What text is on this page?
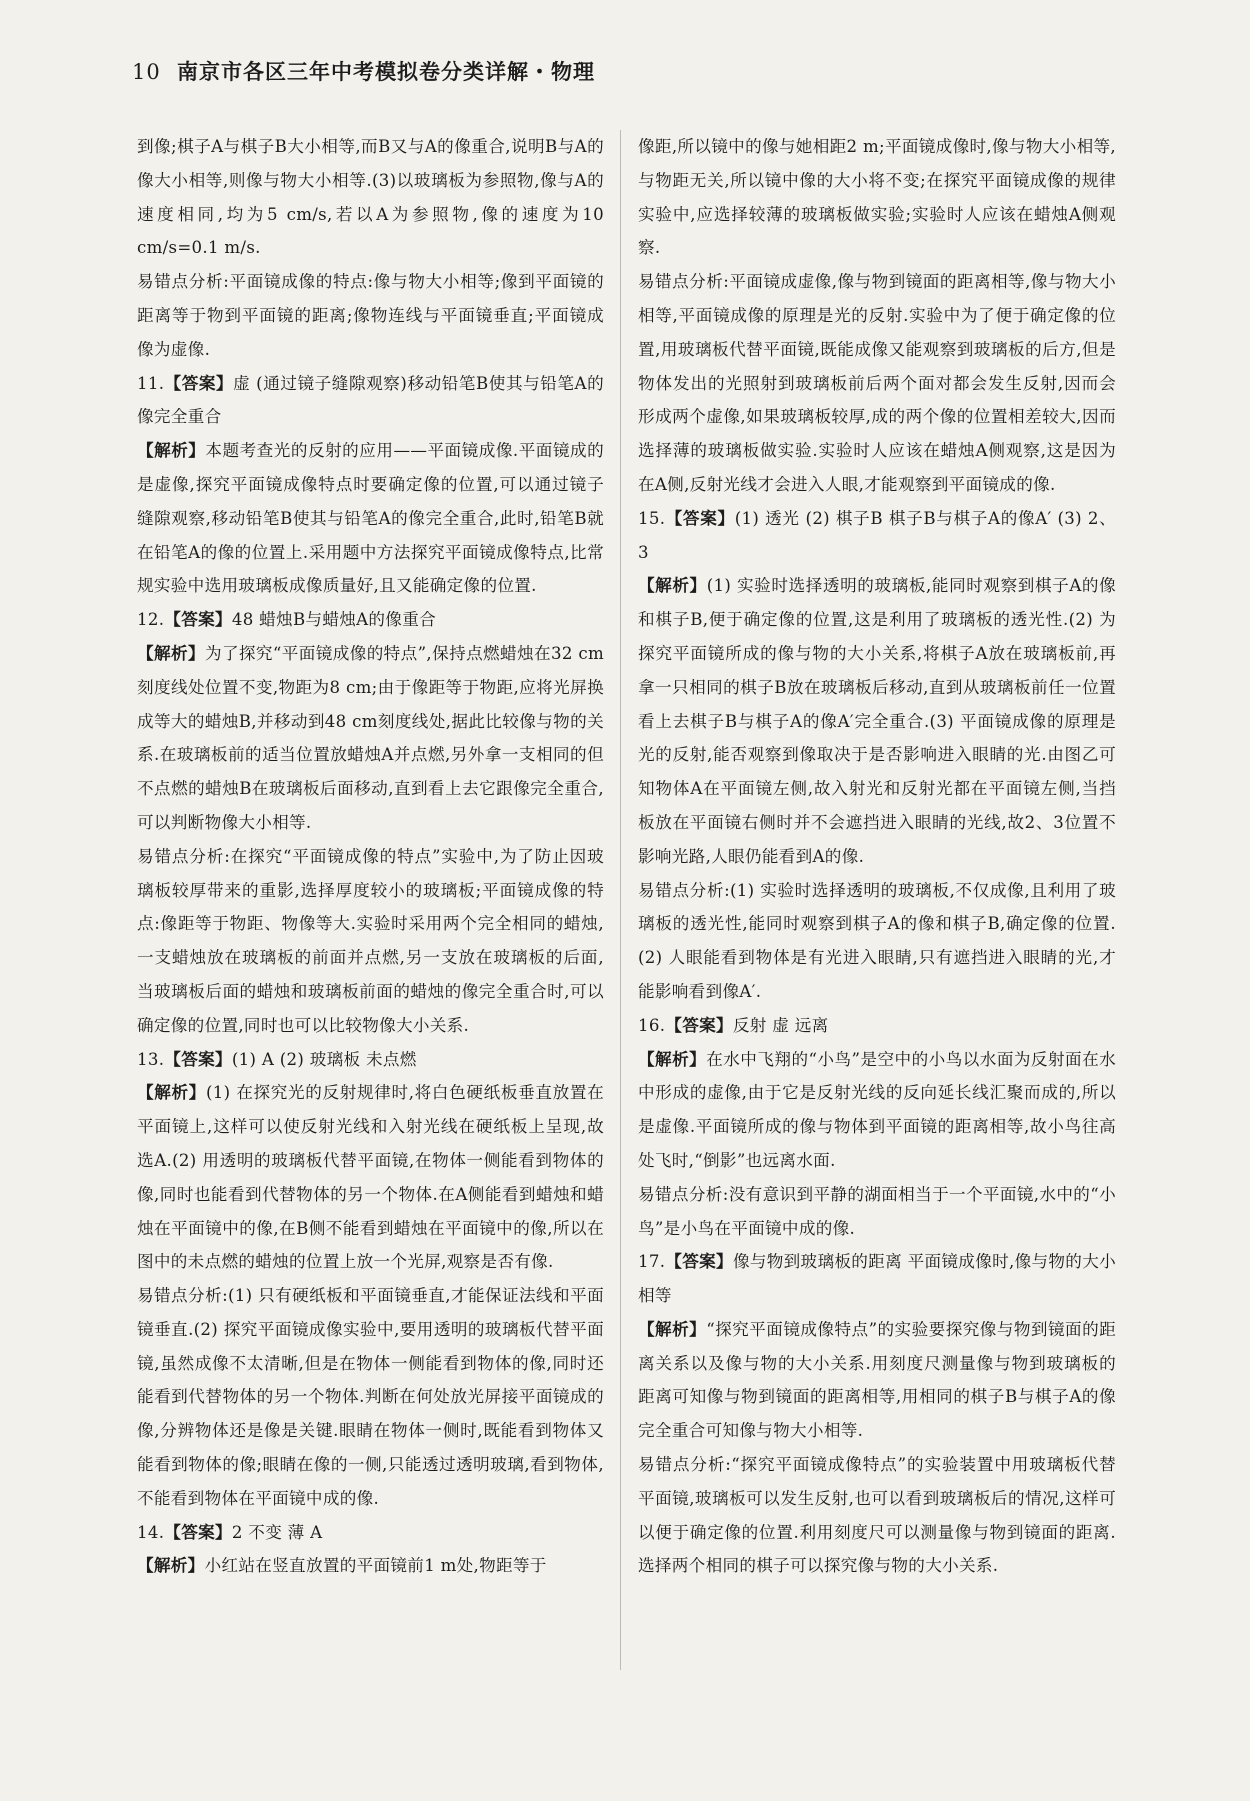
10 南京市各区三年中考模拟卷分类详解・物理

到像;棋子A与棋子B大小相等,而B又与A的像重合,说明B与A的像大小相等,则像与物大小相等.(3)以玻璃板为参照物,像与A的速度相同,均为5 cm/s,若以A为参照物,像的速度为10 cm/s=0.1 m/s.

易错点分析:平面镜成像的特点:像与物大小相等;像到平面镜的距离等于物到平面镜的距离;像物连线与平面镜垂直;平面镜成像为虚像.

11.【答案】虚 (通过镜子缝隙观察)移动铅笔B使其与铅笔A的像完全重合

【解析】本题考查光的反射的应用——平面镜成像.平面镜成的是虚像,探究平面镜成像特点时要确定像的位置,可以通过镜子缝隙观察,移动铅笔B使其与铅笔A的像完全重合,此时,铅笔B就在铅笔A的像的位置上.采用题中方法探究平面镜成像特点,比常规实验中选用玻璃板成像质量好,且又能确定像的位置.

12.【答案】48 蜡烛B与蜡烛A的像重合

【解析】为了探究“平面镜成像的特点”,保持点燃蜡烛在32 cm刻度线处位置不变,物距为8 cm;由于像距等于物距,应将光屏换成等大的蜡烛B,并移动到48 cm刻度线处,据此比较像与物的关系.在玻璃板前的适当位置放蜡烛A并点燃,另外拿一支相同的但不点燃的蜡烛B在玻璃板后面移动,直到看上去它跟像完全重合,可以判断物像大小相等.

易错点分析:在探究“平面镜成像的特点”实验中,为了防止因玻璃板较厚带来的重影,选择厚度较小的玻璃板;平面镜成像的特点:像距等于物距、物像等大.实验时采用两个完全相同的蜡烛,一支蜡烛放在玻璃板的前面并点燃,另一支放在玻璃板的后面,当玻璃板后面的蜡烛和玻璃板前面的蜡烛的像完全重合时,可以确定像的位置,同时也可以比较物像大小关系.

13.【答案】(1) A (2) 玻璃板 未点燃

【解析】(1) 在探究光的反射规律时,将白色硬纸板垂直放置在平面镜上,这样可以使反射光线和入射光线在硬纸板上呈现,故选A.(2) 用透明的玻璃板代替平面镜,在物体一侧能看到物体的像,同时也能看到代替物体的另一个物体.在A侧能看到蜡烛和蜡烛在平面镜中的像,在B侧不能看到蜡烛在平面镜中的像,所以在图中的未点燃的蜡烛的位置上放一个光屏,观察是否有像.

易错点分析:(1) 只有硬纸板和平面镜垂直,才能保证法线和平面镜垂直.(2) 探究平面镜成像实验中,要用透明的玻璃板代替平面镜,虽然成像不太清晰,但是在物体一侧能看到物体的像,同时还能看到代替物体的另一个物体.判断在何处放光屏接平面镜成的像,分辨物体还是像是关键.眼睛在物体一侧时,既能看到物体又能看到物体的像;眼睛在像的一侧,只能透过透明玻璃,看到物体,不能看到物体在平面镜中成的像.

14.【答案】2 不变 薄 A

【解析】小红站在竖直放置的平面镜前1 m处,物距等于

像距,所以镜中的像与她相距2 m;平面镜成像时,像与物大小相等,与物距无关,所以镜中像的大小将不变;在探究平面镜成像的规律实验中,应选择较薄的玻璃板做实验;实验时人应该在蜡烛A侧观察.

易错点分析:平面镜成虚像,像与物到镜面的距离相等,像与物大小相等,平面镜成像的原理是光的反射.实验中为了便于确定像的位置,用玻璃板代替平面镜,既能成像又能观察到玻璃板的后方,但是物体发出的光照射到玻璃板前后两个面对都会发生反射,因而会形成两个虚像,如果玻璃板较厚,成的两个像的位置相差较大,因而选择薄的玻璃板做实验.实验时人应该在蜡烛A侧观察,这是因为在A侧,反射光线才会进入人眼,才能观察到平面镜成的像.

15.【答案】(1) 透光 (2) 棋子B 棋子B与棋子A的像A′ (3) 2、3

【解析】(1) 实验时选择透明的玻璃板,能同时观察到棋子A的像和棋子B,便于确定像的位置,这是利用了玻璃板的透光性.(2) 为探究平面镜所成的像与物的大小关系,将棋子A放在玻璃板前,再拿一只相同的棋子B放在玻璃板后移动,直到从玻璃板前任一位置看上去棋子B与棋子A的像A′完全重合.(3) 平面镜成像的原理是光的反射,能否观察到像取决于是否影响进入眼睛的光.由图乙可知物体A在平面镜左侧,故入射光和反射光都在平面镜左侧,当挡板放在平面镜右侧时并不会遮挡进入眼睛的光线,故2、3位置不影响光路,人眼仍能看到A的像.

易错点分析:(1) 实验时选择透明的玻璃板,不仅成像,且利用了玻璃板的透光性,能同时观察到棋子A的像和棋子B,确定像的位置.(2) 人眼能看到物体是有光进入眼睛,只有遮挡进入眼睛的光,才能影响看到像A′.

16.【答案】反射 虚 远离

【解析】在水中飞翔的“小鸟”是空中的小鸟以水面为反射面在水中形成的虚像,由于它是反射光线的反向延长线汇聚而成的,所以是虚像.平面镜所成的像与物体到平面镜的距离相等,故小鸟往高处飞时,“倒影”也远离水面.

易错点分析:没有意识到平静的湖面相当于一个平面镜,水中的“小鸟”是小鸟在平面镜中成的像.

17.【答案】像与物到玻璃板的距离 平面镜成像时,像与物的大小相等

【解析】“探究平面镜成像特点”的实验要探究像与物到镜面的距离关系以及像与物的大小关系.用刻度尺测量像与物到玻璃板的距离可知像与物到镜面的距离相等,用相同的棋子B与棋子A的像完全重合可知像与物大小相等.

易错点分析:“探究平面镜成像特点”的实验装置中用玻璃板代替平面镜,玻璃板可以发生反射,也可以看到玻璃板后的情况,这样可以便于确定像的位置.利用刻度尺可以测量像与物到镜面的距离.选择两个相同的棋子可以探究像与物的大小关系.
